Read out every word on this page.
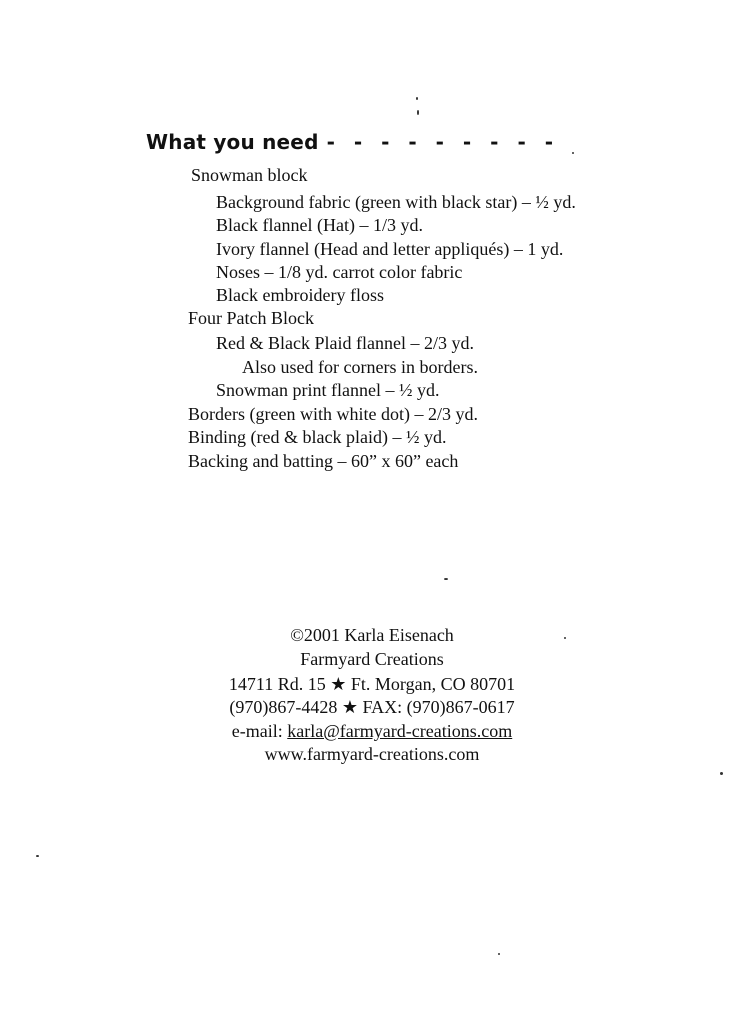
What you need - - - - - - - - -
Snowman block
Background fabric (green with black star) – ½ yd.
Black flannel (Hat) – 1/3 yd.
Ivory flannel (Head and letter appliqués) – 1 yd.
Noses – 1/8 yd. carrot color fabric
Black embroidery floss
Four Patch Block
Red & Black Plaid flannel – 2/3 yd.
Also used for corners in borders.
Snowman print flannel – ½ yd.
Borders (green with white dot) – 2/3 yd.
Binding (red & black plaid) – ½ yd.
Backing and batting – 60” x 60” each
©2001 Karla Eisenach
Farmyard Creations
14711 Rd. 15 ★ Ft. Morgan, CO 80701
(970)867-4428 ★ FAX: (970)867-0617
e-mail: karla@farmyard-creations.com
www.farmyard-creations.com
